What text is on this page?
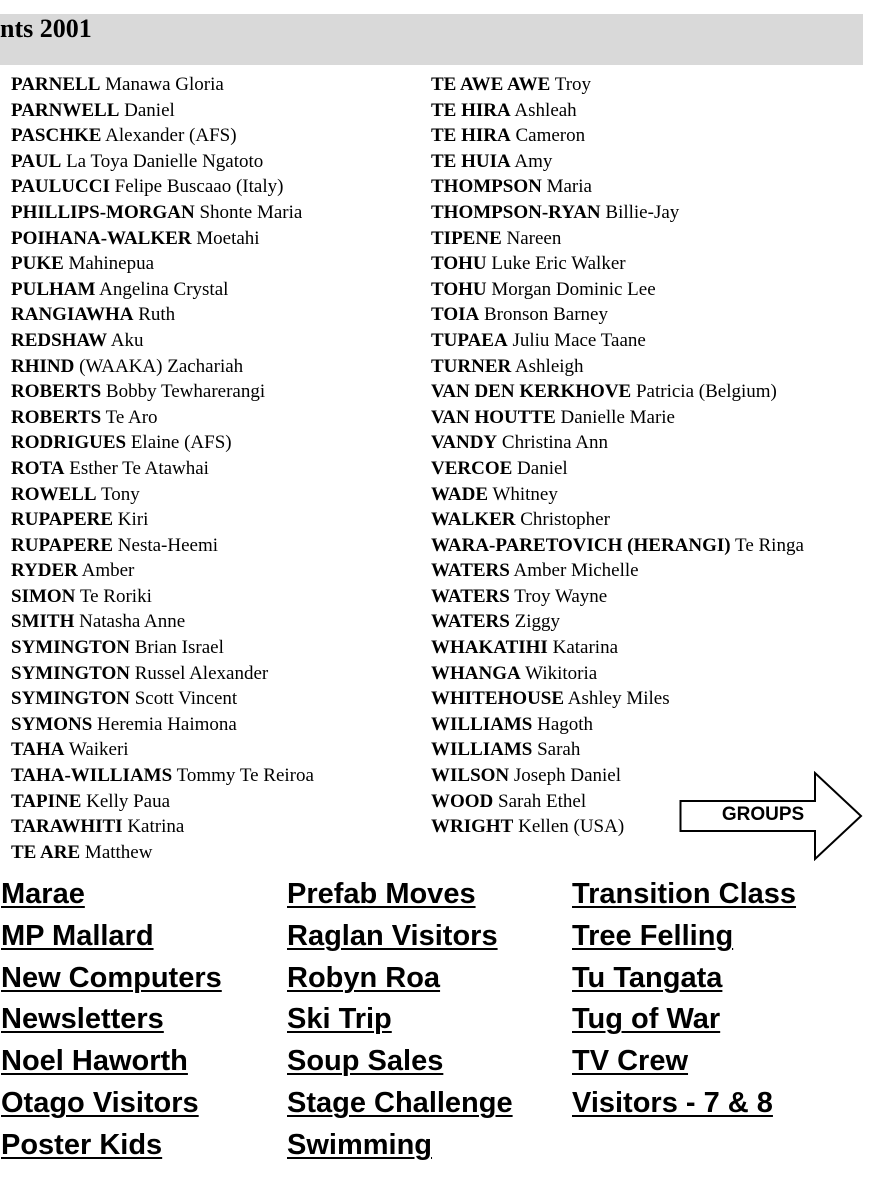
nts 2001
PARNELL Manawa Gloria
PARNWELL Daniel
PASCHKE Alexander (AFS)
PAUL La Toya Danielle Ngatoto
PAULUCCI Felipe Buscaao (Italy)
PHILLIPS-MORGAN Shonte Maria
POIHANA-WALKER Moetahi
PUKE Mahinepua
PULHAM Angelina Crystal
RANGIAWHA Ruth
REDSHAW Aku
RHIND (WAAKA) Zachariah
ROBERTS Bobby Tewharerangi
ROBERTS Te Aro
RODRIGUES Elaine (AFS)
ROTA Esther Te Atawhai
ROWELL Tony
RUPAPERE Kiri
RUPAPERE Nesta-Heemi
RYDER Amber
SIMON Te Roriki
SMITH Natasha Anne
SYMINGTON Brian Israel
SYMINGTON Russel Alexander
SYMINGTON Scott Vincent
SYMONS Heremia Haimona
TAHA Waikeri
TAHA-WILLIAMS Tommy Te Reiroa
TAPINE Kelly Paua
TARAWHITI Katrina
TE ARE Matthew
TE AWE AWE Troy
TE HIRA Ashleah
TE HIRA Cameron
TE HUIA Amy
THOMPSON Maria
THOMPSON-RYAN Billie-Jay
TIPENE Nareen
TOHU Luke Eric Walker
TOHU Morgan Dominic Lee
TOIA Bronson Barney
TUPAEA Juliu Mace Taane
TURNER Ashleigh
VAN DEN KERKHOVE Patricia (Belgium)
VAN HOUTTE Danielle Marie
VANDY Christina Ann
VERCOE Daniel
WADE Whitney
WALKER Christopher
WARA-PARETOVICH (HERANGI) Te Ringa
WATERS Amber Michelle
WATERS Troy Wayne
WATERS Ziggy
WHAKATIHI Katarina
WHANGA Wikitoria
WHITEHOUSE Ashley Miles
WILLIAMS Hagoth
WILLIAMS Sarah
WILSON Joseph Daniel
WOOD Sarah Ethel
WRIGHT Kellen (USA)
GROUPS
Marae
MP Mallard
New Computers
Newsletters
Noel Haworth
Otago Visitors
Poster Kids
Prefab Moves
Raglan Visitors
Robyn Roa
Ski Trip
Soup Sales
Stage Challenge
Swimming
Transition Class
Tree Felling
Tu Tangata
Tug of War
TV Crew
Visitors - 7 & 8
